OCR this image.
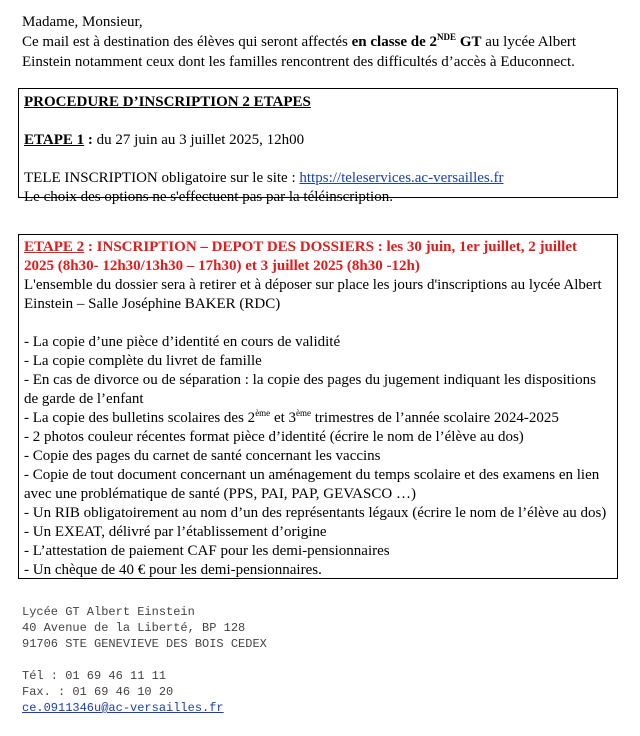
Madame, Monsieur,

Ce mail est à destination des élèves qui seront affectés en classe de 2NDE GT au lycée Albert Einstein notamment ceux dont les familles rencontrent des difficultés d’accès à Educonnect.

PROCEDURE D’INSCRIPTION 2 ETAPES
ETAPE 1 : du 27 juin au 3 juillet 2025, 12h00
TELE INSCRIPTION obligatoire sur le site : https://teleservices.ac-versailles.fr
Le choix des options ne s'effectuent pas par la téléinscription.
ETAPE 2 : INSCRIPTION – DEPOT DES DOSSIERS : les 30 juin, 1er juillet, 2 juillet
2025 (8h30- 12h30/13h30 – 17h30) et 3 juillet 2025 (8h30 -12h)
L'ensemble du dossier sera à retirer et à déposer sur place les jours d'inscriptions au lycée Albert Einstein – Salle Joséphine BAKER (RDC)
- La copie d’une pièce d’identité en cours de validité
- La copie complète du livret de famille
- En cas de divorce ou de séparation : la copie des pages du jugement indiquant les dispositions de garde de l’enfant
- La copie des bulletins scolaires des 2ème et 3ème trimestres de l’année scolaire 2024-2025
- 2 photos couleur récentes format pièce d’identité (écrire le nom de l’élève au dos)
- Copie des pages du carnet de santé concernant les vaccins
- Copie de tout document concernant un aménagement du temps scolaire et des examens en lien avec une problématique de santé (PPS, PAI, PAP, GEVASCO …)
- Un RIB obligatoirement au nom d’un des représentants légaux (écrire le nom de l’élève au dos)
- Un EXEAT, délivré par l’établissement d’origine
- L’attestation de paiement CAF pour les demi-pensionnaires
- Un chèque de 40 € pour les demi-pensionnaires.
Lycée GT Albert Einstein
40 Avenue de la Liberté, BP 128
91706 STE GENEVIEVE DES BOIS CEDEX
Tél : 01 69 46 11 11
Fax. : 01 69 46 10 20
ce.0911346u@ac-versailles.fr
